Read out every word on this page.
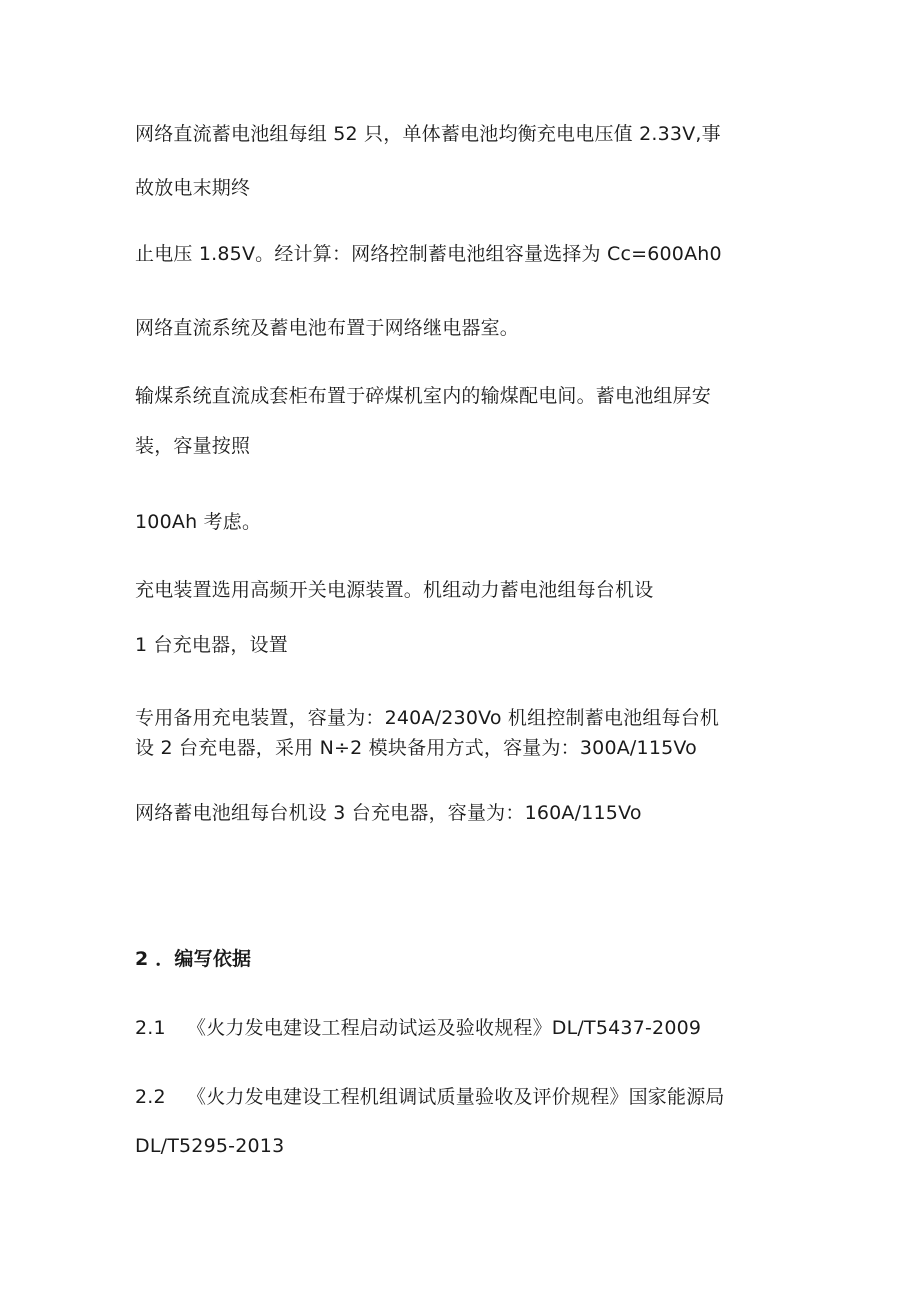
网络直流蓄电池组每组 52 只，单体蓄电池均衡充电电压值 2.33V,事
故放电末期终
止电压 1.85V。经计算：网络控制蓄电池组容量选择为 Cc=600Ah0
网络直流系统及蓄电池布置于网络继电器室。
输煤系统直流成套柜布置于碎煤机室内的输煤配电间。蓄电池组屏安
装，容量按照
100Ah 考虑。
充电装置选用高频开关电源装置。机组动力蓄电池组每台机设
1 台充电器，设置
专用备用充电装置，容量为：240A∕230Vo 机组控制蓄电池组每台机
设 2 台充电器，采用 N÷2 模块备用方式，容量为：300A∕115Vo
网络蓄电池组每台机设 3 台充电器，容量为：160A∕115Vo
2 ．编写依据
2.1 《火力发电建设工程启动试运及验收规程》DL/T5437-2009
2.2 《火力发电建设工程机组调试质量验收及评价规程》国家能源局
DL/T5295-2013
